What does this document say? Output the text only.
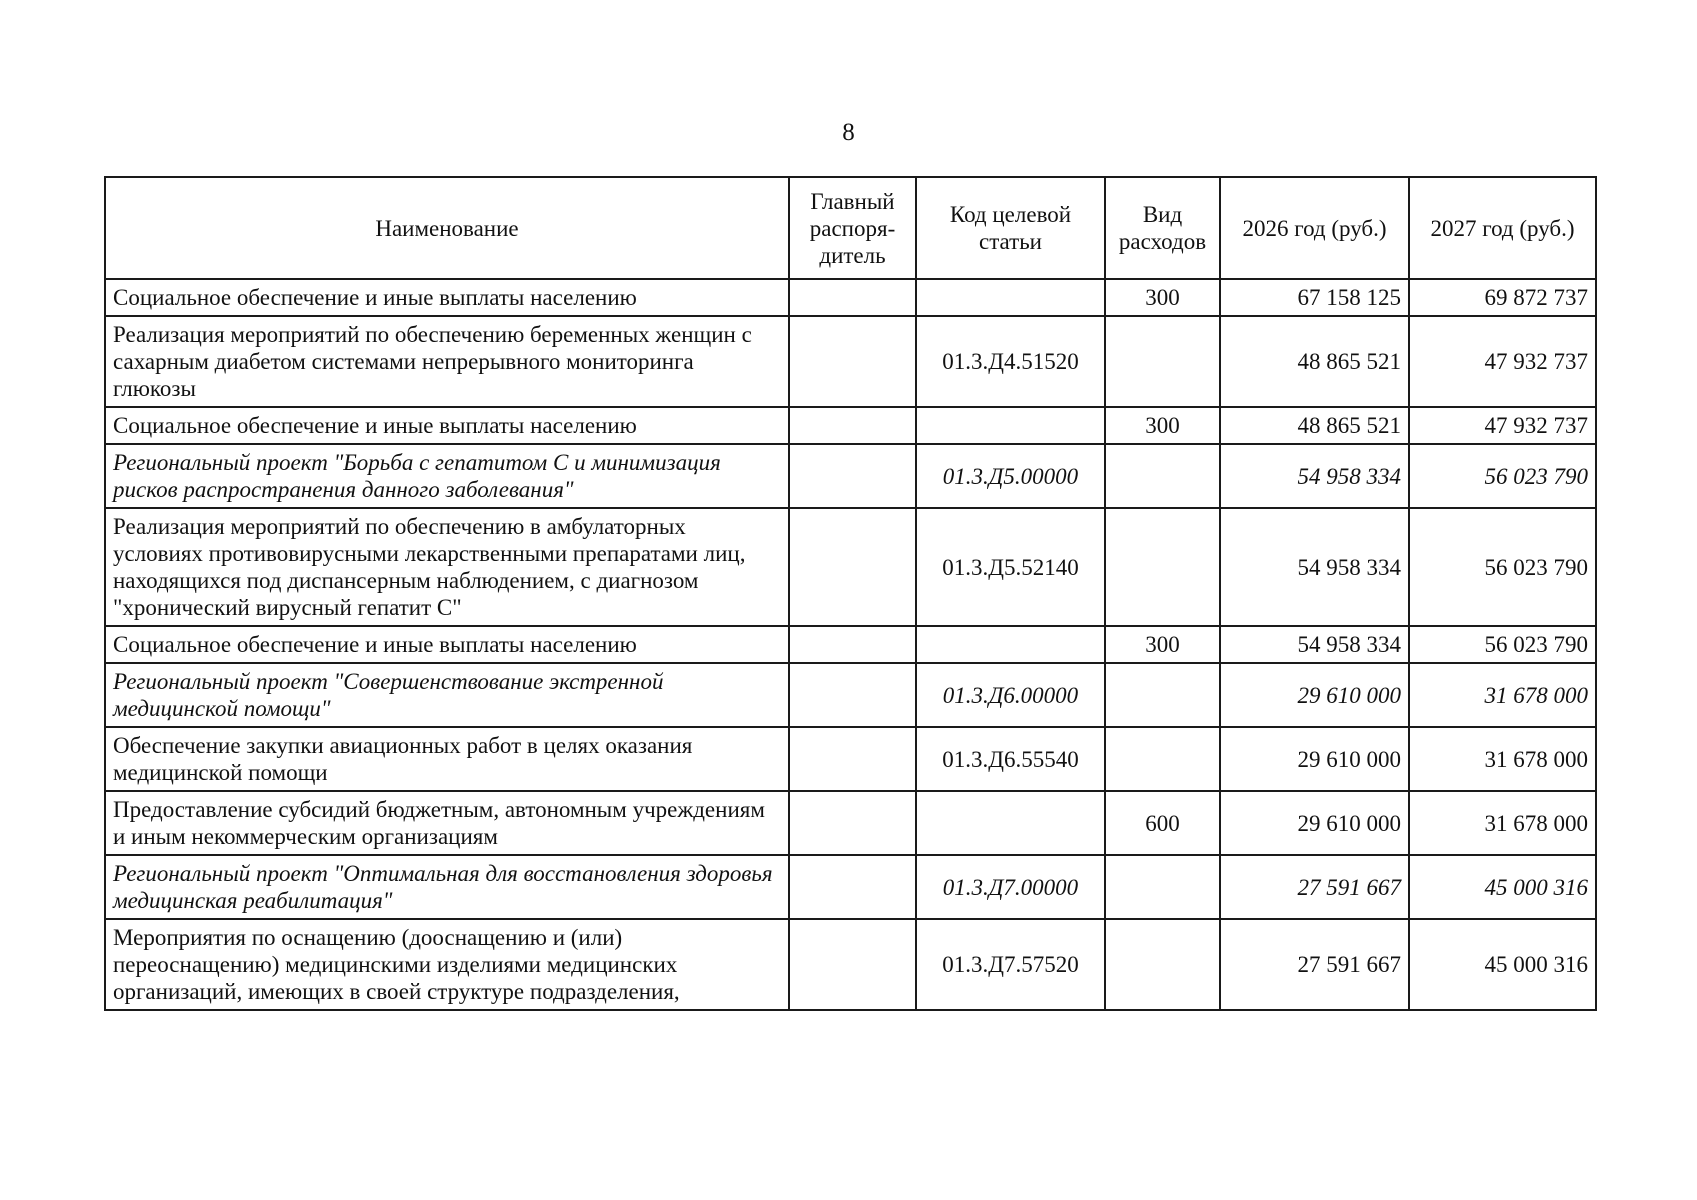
8
Наименование	Главный распоря-дитель	Код целевой статьи	Вид расходов	2026 год (руб.)	2027 год (руб.)
Социальное обеспечение и иные выплаты населению			300	67 158 125	69 872 737
Реализация мероприятий по обеспечению беременных женщин с сахарным диабетом системами непрерывного мониторинга глюкозы		01.3.Д4.51520		48 865 521	47 932 737
Социальное обеспечение и иные выплаты населению			300	48 865 521	47 932 737
Региональный проект "Борьба с гепатитом С и минимизация рисков распространения данного заболевания"		01.3.Д5.00000		54 958 334	56 023 790
Реализация мероприятий по обеспечению в амбулаторных условиях противовирусными лекарственными препаратами лиц, находящихся под диспансерным наблюдением, с диагнозом "хронический вирусный гепатит С"		01.3.Д5.52140		54 958 334	56 023 790
Социальное обеспечение и иные выплаты населению			300	54 958 334	56 023 790
Региональный проект "Совершенствование экстренной медицинской помощи"		01.3.Д6.00000		29 610 000	31 678 000
Обеспечение закупки авиационных работ в целях оказания медицинской помощи		01.3.Д6.55540		29 610 000	31 678 000
Предоставление субсидий бюджетным, автономным учреждениям и иным некоммерческим организациям			600	29 610 000	31 678 000
Региональный проект "Оптимальная для восстановления здоровья медицинская реабилитация"		01.3.Д7.00000		27 591 667	45 000 316
Мероприятия по оснащению (дооснащению и (или) переоснащению) медицинскими изделиями медицинских организаций, имеющих в своей структуре подразделения,		01.3.Д7.57520		27 591 667	45 000 316
